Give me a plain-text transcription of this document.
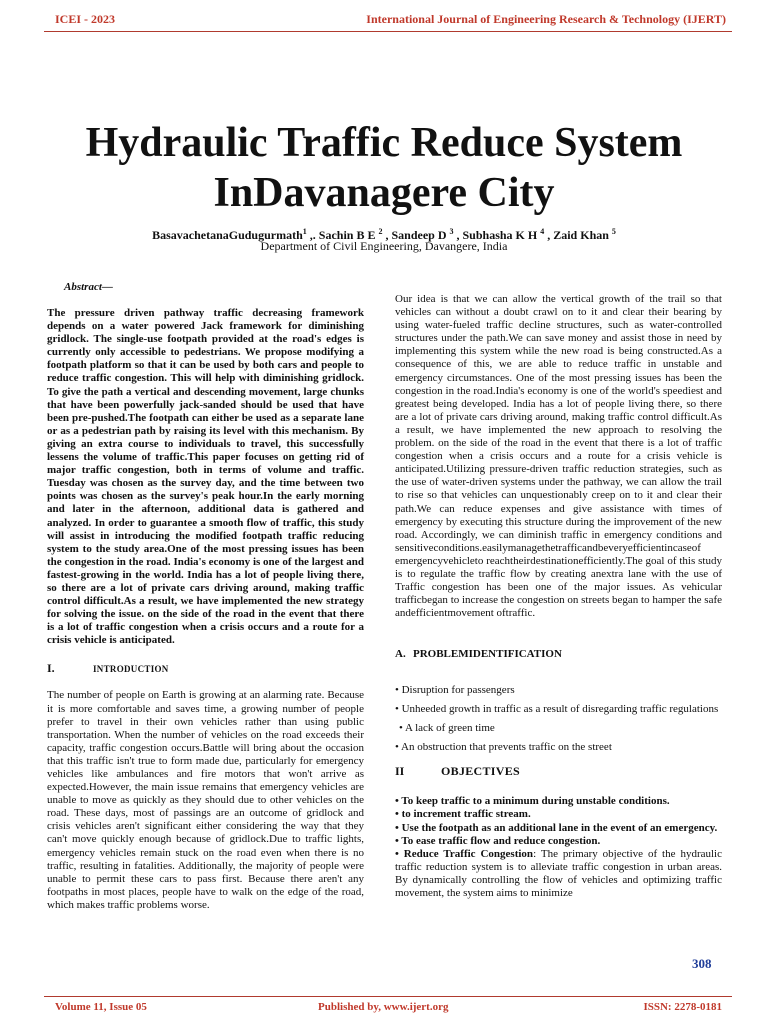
ICEI - 2023	International Journal of Engineering Research & Technology (IJERT)
Hydraulic Traffic Reduce System
InDavanagere City
BasavachetanaGudugurmath$^1$ ,. Sachin B E $^2$ , Sandeep D $^3$ , Subhasha K H $^4$ , Zaid Khan $^5$
Department of Civil Engineering, Davangere, India
Abstract—

The pressure driven pathway traffic decreasing framework depends on a water powered Jack framework for diminishing gridlock. The single-use footpath provided at the road's edges is currently only accessible to pedestrians. We propose modifying a footpath platform so that it can be used by both cars and people to reduce traffic congestion. This will help with diminishing gridlock. To give the path a vertical and descending movement, large chunks that have been powerfully jack-sanded should be used that have been pre-pushed.The footpath can either be used as a separate lane or as a pedestrian path by raising its level with this mechanism. By giving an extra course to individuals to travel, this successfully lessens the volume of traffic.This paper focuses on getting rid of major traffic congestion, both in terms of volume and traffic. Tuesday was chosen as the survey day, and the time between two points was chosen as the survey's peak hour.In the early morning and later in the afternoon, additional data is gathered and analyzed. In order to guarantee a smooth flow of traffic, this study will assist in introducing the modified footpath traffic reducing system to the study area.One of the most pressing issues has been the congestion in the road. India's economy is one of the largest and fastest-growing in the world. India has a lot of people living there, so there are a lot of private cars driving around, making traffic control difficult.As a result, we have implemented the new strategy for solving the issue. on the side of the road in the event that there is a lot of traffic congestion when a crisis occurs and a route for a crisis vehicle is anticipated.

I.	INTRODUCTION

The number of people on Earth is growing at an alarming rate. Because it is more comfortable and saves time, a growing number of people prefer to travel in their own vehicles rather than using public transportation. When the number of vehicles on the road exceeds their capacity, traffic congestion occurs.Battle will bring about the occasion that this traffic isn't true to form made due, particularly for emergency vehicles like ambulances and fire motors that won't arrive as expected.However, the main issue remains that emergency vehicles are unable to move as quickly as they should due to other vehicles on the road. These days, most of passings are an outcome of gridlock and crisis vehicles aren't significant either considering the way that they can't move quickly enough because of gridlock.Due to traffic lights, emergency vehicles remain stuck on the road even when there is no traffic, resulting in fatalities. Additionally, the majority of people were unable to permit these cars to pass first. Because there aren't any footpaths in most places, people have to walk on the edge of the road, which makes traffic problems worse.

Our idea is that we can allow the vertical growth of the trail so that vehicles can without a doubt crawl on to it and clear their bearing by using water-fueled traffic decline structures, such as water-controlled structures under the path.We can save money and assist those in need by implementing this system while the new road is being constructed.As a consequence of this, we are able to reduce traffic in unstable and emergency circumstances. One of the most pressing issues has been the congestion in the road.India's economy is one of the world's speediest and greatest being developed. India has a lot of people living there, so there are a lot of private cars driving around, making traffic control difficult.As a result, we have implemented the new approach to resolving the problem. on the side of the road in the event that there is a lot of traffic congestion when a crisis occurs and a route for a crisis vehicle is anticipated.Utilizing pressure-driven traffic reduction strategies, such as the use of water-driven systems under the pathway, we can allow the trail to rise so that vehicles can unquestionably creep on to it and clear their path.We can reduce expenses and give assistance with times of emergency by executing this structure during the improvement of the new road. Accordingly, we can diminish traffic in emergency conditions and sensitiveconditions.easilymanagethetrafficandbeveryefficientincaseof emergencyvehicleto reachtheirdestinationefficiently.The goal of this study is to regulate the traffic flow by creating anextra lane with the use of Traffic congestion has been one of the major issues. As vehicular trafficbegan to increase the congestion on streets began to hamper the safe andefficientmovement oftraffic.

A. PROBLEMIDENTIFICATION
• Disruption for passengers
• Unheeded growth in traffic as a result of disregarding traffic regulations
• A lack of green time
• An obstruction that prevents traffic on the street
II	OBJECTIVES
• To keep traffic to a minimum during unstable conditions.
• to increment traffic stream.
• Use the footpath as an additional lane in the event of an emergency.
• To ease traffic flow and reduce congestion.
• Reduce Traffic Congestion: The primary objective of the hydraulic traffic reduction system is to alleviate traffic congestion in urban areas. By dynamically controlling the flow of vehicles and optimizing traffic movement, the system aims to minimize
308
Volume 11, Issue 05	Published by, www.ijert.org	ISSN: 2278-0181
